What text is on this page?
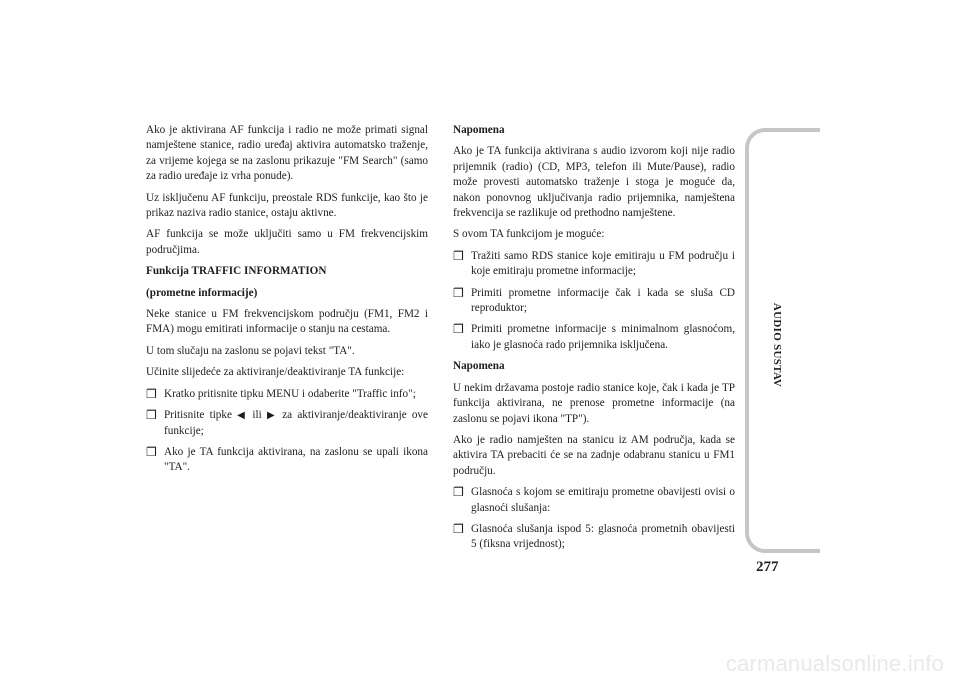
Ako je aktivirana AF funkcija i radio ne može primati signal namještene stanice, radio uređaj aktivira automatsko traženje, za vrijeme kojega se na zaslonu prikazuje "FM Search" (samo za radio uređaje iz vrha ponude).

Uz isključenu AF funkciju, preostale RDS funkcije, kao što je prikaz naziva radio stanice, ostaju aktivne.

AF funkcija se može uključiti samo u FM frekvencijskim područjima.

Funkcija TRAFFIC INFORMATION
(prometne informacije)

Neke stanice u FM frekvencijskom području (FM1, FM2 i FMA) mogu emitirati informacije o stanju na cestama.

U tom slučaju na zaslonu se pojavi tekst "TA".

Učinite slijedeće za aktiviranje/deaktiviranje TA funkcije:

❒ Kratko pritisnite tipku MENU i odaberite "Traffic info";
❒ Pritisnite tipke ◀ ili ▶ za aktiviranje/deaktiviranje ove funkcije;
❒ Ako je TA funkcija aktivirana, na zaslonu se upali ikona "TA".
Napomena

Ako je TA funkcija aktivirana s audio izvorom koji nije radio prijemnik (radio) (CD, MP3, telefon ili Mute/Pause), radio može provesti automatsko traženje i stoga je moguće da, nakon ponovnog uključivanja radio prijemnika, namještena frekvencija se razlikuje od prethodno namještene.

S ovom TA funkcijom je moguće:

❒ Tražiti samo RDS stanice koje emitiraju u FM području i koje emitiraju prometne informacije;
❒ Primiti prometne informacije čak i kada se sluša CD reproduktor;
❒ Primiti prometne informacije s minimalnom glasnoćom, iako je glasnoća rado prijemnika isključena.
Napomena

U nekim državama postoje radio stanice koje, čak i kada je TP funkcija aktivirana, ne prenose prometne informacije (na zaslonu se pojavi ikona "TP").

Ako je radio namješten na stanicu iz AM područja, kada se aktivira TA prebaciti će se na zadnje odabranu stanicu u FM1 području.

❒ Glasnoća s kojom se emitiraju prometne obavijesti ovisi o glasnoći slušanja:
❒ Glasnoća slušanja ispod 5: glasnoća prometnih obavijesti 5 (fiksna vrijednost);
AUDIO SUSTAV
277
carmanualsonline.info
